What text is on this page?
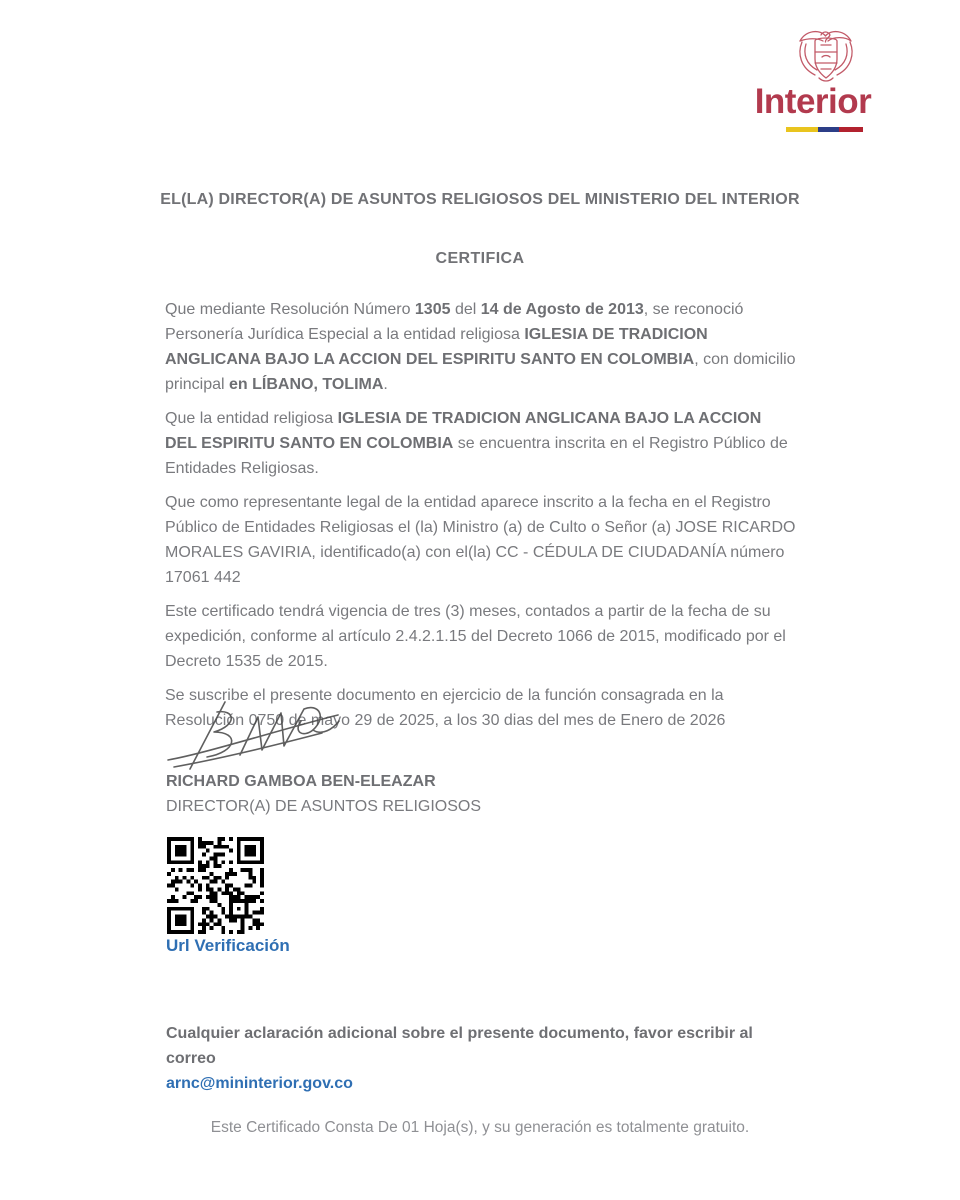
Interior
EL(LA) DIRECTOR(A) DE ASUNTOS RELIGIOSOS DEL MINISTERIO DEL INTERIOR
CERTIFICA

Que mediante Resolución Número 1305 del 14 de Agosto de 2013, se reconoció Personería Jurídica Especial a la entidad religiosa IGLESIA DE TRADICION ANGLICANA BAJO LA ACCION DEL ESPIRITU SANTO EN COLOMBIA, con domicilio principal en LÍBANO, TOLIMA.

Que la entidad religiosa IGLESIA DE TRADICION ANGLICANA BAJO LA ACCION DEL ESPIRITU SANTO EN COLOMBIA se encuentra inscrita en el Registro Público de Entidades Religiosas.

Que como representante legal de la entidad aparece inscrito a la fecha en el Registro Público de Entidades Religiosas el (la) Ministro (a) de Culto o Señor (a) JOSE RICARDO MORALES GAVIRIA, identificado(a) con el(la) CC - CÉDULA DE CIUDADANÍA número 17061 442

Este certificado tendrá vigencia de tres (3) meses, contados a partir de la fecha de su expedición, conforme al artículo 2.4.2.1.15 del Decreto 1066 de 2015, modificado por el Decreto 1535 de 2015.

Se suscribe el presente documento en ejercicio de la función consagrada en la Resolución 0750 de mayo 29 de 2025, a los 30 dias del mes de Enero de 2026

RICHARD GAMBOA BEN-ELEAZAR
DIRECTOR(A) DE ASUNTOS RELIGIOSOS
Url Verificación
Cualquier aclaración adicional sobre el presente documento, favor escribir al correo
arnc@mininterior.gov.co
Este Certificado Consta De 01 Hoja(s), y su generación es totalmente gratuito.
